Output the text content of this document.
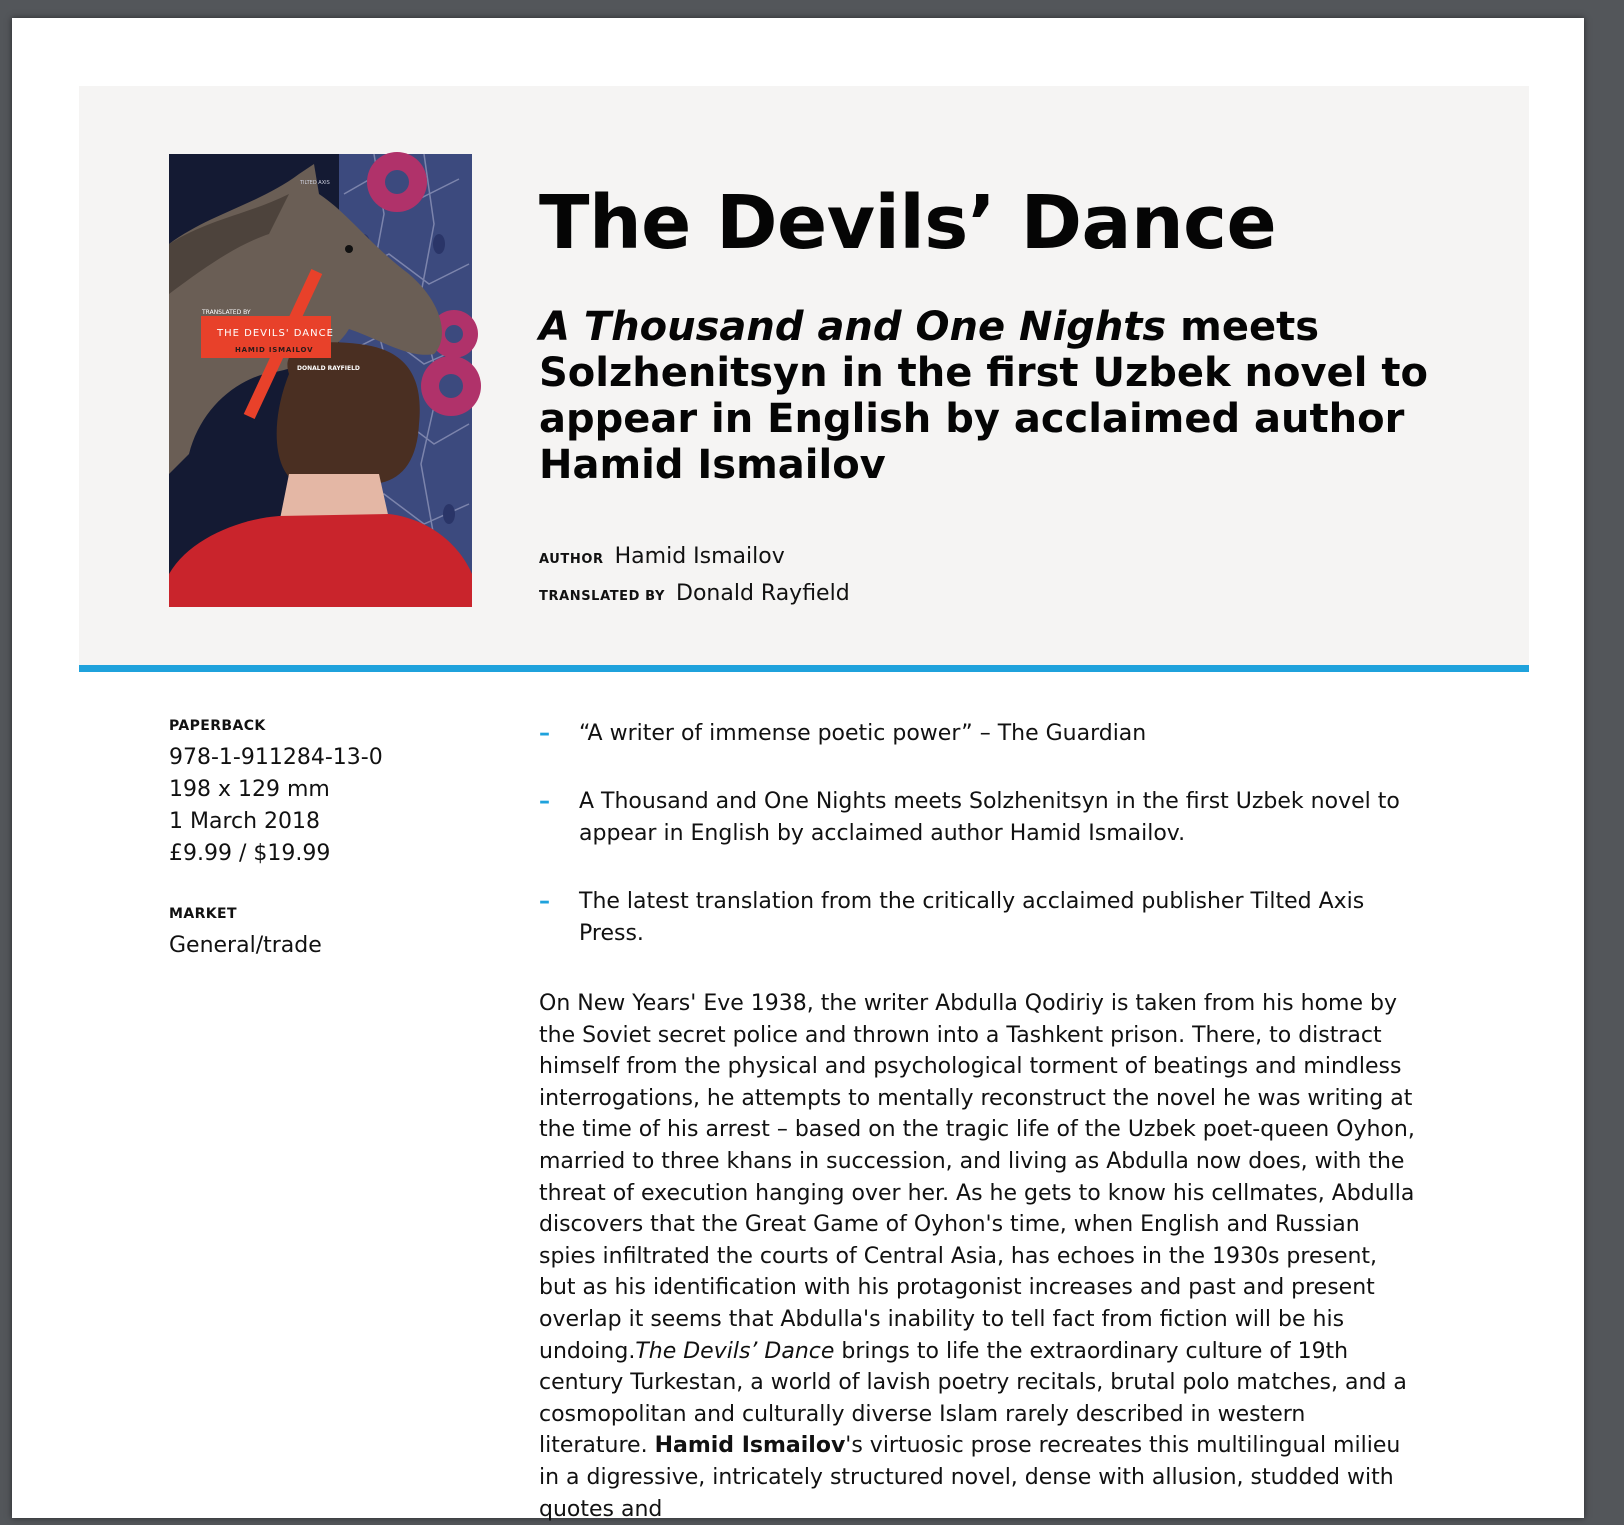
TRANSLATED BY
THE DEVILS' DANCE
HAMID ISMAILOV
DONALD RAYFIELD
TILTED AXIS	The Devils’ Dance
A Thousand and One Nights meets Solzhenitsyn in the first Uzbek novel to appear in English by acclaimed author Hamid Ismailov
AUTHOR Hamid Ismailov
TRANSLATED BY Donald Rayfield
PAPERBACK
978-1-911284-13-0
198 x 129 mm
1 March 2018
£9.99 / $19.99
MARKET
General/trade
– “A writer of immense poetic power” – The Guardian
– A Thousand and One Nights meets Solzhenitsyn in the first Uzbek novel to appear in English by acclaimed author Hamid Ismailov.
– The latest translation from the critically acclaimed publisher Tilted Axis Press.

On New Years' Eve 1938, the writer Abdulla Qodiriy is taken from his home by the Soviet secret police and thrown into a Tashkent prison. There, to distract himself from the physical and psychological torment of beatings and mindless interrogations, he attempts to mentally reconstruct the novel he was writing at the time of his arrest – based on the tragic life of the Uzbek poet-queen Oyhon, married to three khans in succession, and living as Abdulla now does, with the threat of execution hanging over her. As he gets to know his cellmates, Abdulla discovers that the Great Game of Oyhon's time, when English and Russian spies infiltrated the courts of Central Asia, has echoes in the 1930s present, but as his identification with his protagonist increases and past and present overlap it seems that Abdulla's inability to tell fact from fiction will be his undoing.The Devils’ Dance brings to life the extraordinary culture of 19th century Turkestan, a world of lavish poetry recitals, brutal polo matches, and a cosmopolitan and culturally diverse Islam rarely described in western literature. Hamid Ismailov's virtuosic prose recreates this multilingual milieu in a digressive, intricately structured novel, dense with allusion, studded with quotes and
